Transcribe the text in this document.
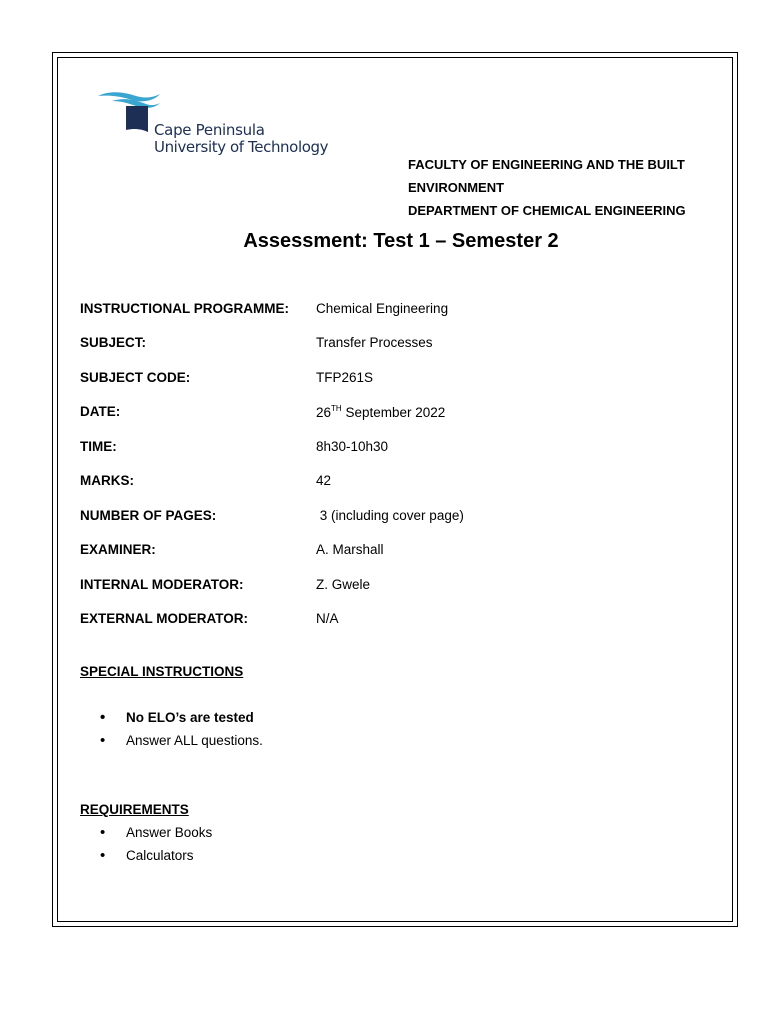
Cape Peninsula
University of Technology
FACULTY OF ENGINEERING AND THE BUILT
ENVIRONMENT
DEPARTMENT OF CHEMICAL ENGINEERING
Assessment: Test 1 – Semester 2
INSTRUCTIONAL PROGRAMME: Chemical Engineering
SUBJECT:	Transfer Processes
SUBJECT CODE:	TFP261S
DATE:	26TH September 2022
TIME:	8h30-10h30
MARKS:	42
NUMBER OF PAGES:	3 (including cover page)
EXAMINER:	A. Marshall
INTERNAL MODERATOR:	Z. Gwele
EXTERNAL MODERATOR:	N/A
SPECIAL INSTRUCTIONS
• No ELO’s are tested
• Answer ALL questions.
REQUIREMENTS
• Answer Books
• Calculators
